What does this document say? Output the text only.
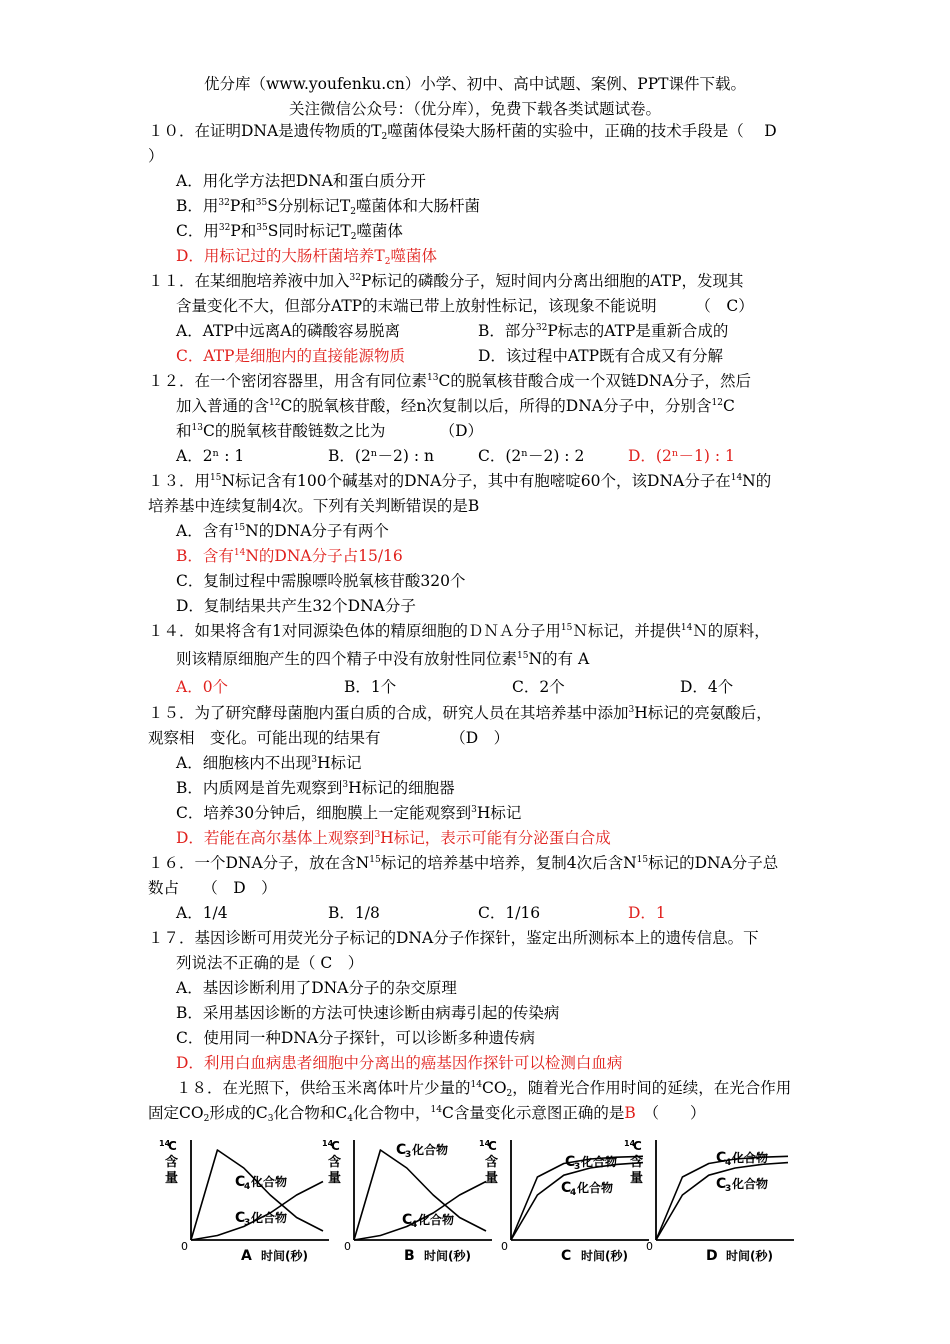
优分库（www.youfenku.cn）小学、初中、高中试题、案例、PPT课件下载。
关注微信公众号：（优分库），免费下载各类试题试卷。
１０．在证明DNA是遗传物质的$T_2$噬菌体侵染大肠杆菌的实验中，正确的技术手段是（　 D
）
A．用化学方法把DNA和蛋白质分开
B．用$^{32}$P和$^{35}$S分别标记$T_2$噬菌体和大肠杆菌
C．用$^{32}$P和$^{35}$S同时标记$T_2$噬菌体
D．用标记过的大肠杆菌培养$T_2$噬菌体
１１．在某细胞培养液中加入$^{32}$P标记的磷酸分子，短时间内分离出细胞的ATP，发现其
含量变化不大，但部分ATP的末端已带上放射性标记，该现象不能说明　　　（　C）
A．ATP中远离A的磷酸容易脱离	B．部分$^{32}$P标志的ATP是重新合成的
C．ATP是细胞内的直接能源物质	D．该过程中ATP既有合成又有分解
１２．在一个密闭容器里，用含有同位素$^{13}$C的脱氧核苷酸合成一个双链DNA分子，然后
加入普通的含$^{12}$C的脱氧核苷酸，经n次复制以后，所得的DNA分子中，分别含$^{12}$C
和$^{13}$C的脱氧核苷酸链数之比为　　　　（D）
A．2ⁿ : 1	B．(2ⁿ－2) : n	C．(2ⁿ－2) : 2	D．(2ⁿ－1) : 1
１３．用$^{15}$N标记含有100个碱基对的DNA分子，其中有胞嘧啶60个，该DNA分子在$^{14}$N的
培养基中连续复制4次。下列有关判断错误的是B
A．含有$^{15}$N的DNA分子有两个
B．含有$^{14}$N的DNA分子占15/16
C．复制过程中需腺嘌呤脱氧核苷酸320个
D．复制结果共产生32个DNA分子
１４．如果将含有1对同源染色体的精原细胞的ＤＮＡ分子用$^{15}$Ｎ标记，并提供$^{14}$Ｎ的原料，
则该精原细胞产生的四个精子中没有放射性同位素$^{15}$N的有 A
A．0个	B．1个	C．2个	D．4个
１５．为了研究酵母菌胞内蛋白质的合成，研究人员在其培养基中添加$^3$H标记的亮氨酸后，
观察相　变化。可能出现的结果有　　　　　（D　）
A．细胞核内不出现$^3$H标记
B．内质网是首先观察到$^3$H标记的细胞器
C．培养30分钟后，细胞膜上一定能观察到$^3$H标记
D．若能在高尔基体上观察到$^3$H标记，表示可能有分泌蛋白合成
１６．一个DNA分子，放在含$N^{15}$标记的培养基中培养，复制4次后含$N^{15}$标记的DNA分子总
数占　　（　D　）
A．1/4	B．1/8	C．1/16	D．1
１７．基因诊断可用荧光分子标记的DNA分子作探针，鉴定出所测标本上的遗传信息。下
列说法不正确的是（ C　）
A．基因诊断利用了DNA分子的杂交原理
B．采用基因诊断的方法可快速诊断由病毒引起的传染病
C．使用同一种DNA分子探针，可以诊断多种遗传病
D．利用白血病患者细胞中分离出的癌基因作探针可以检测白血病
１８．在光照下，供给玉米离体叶片少量的$^{14}CO_2$，随着光合作用时间的延续，在光合作用
固定$CO_2$形成的$C_3$化合物和$C_4$化合物中，$^{14}$C含量变化示意图正确的是B　（　　）
14
C
含
量
0
A 时间(秒)
C
4 化合物
C
3 化合物
14
C
含
量
0
B 时间(秒)
C
3 化合物
C
4 化合物
14
C
含
量
0
C 时间(秒)
C
3 化合物
C
4 化合物
14
C
含
量
0
D 时间(秒)
C
4 化合物
C
3 化合物
